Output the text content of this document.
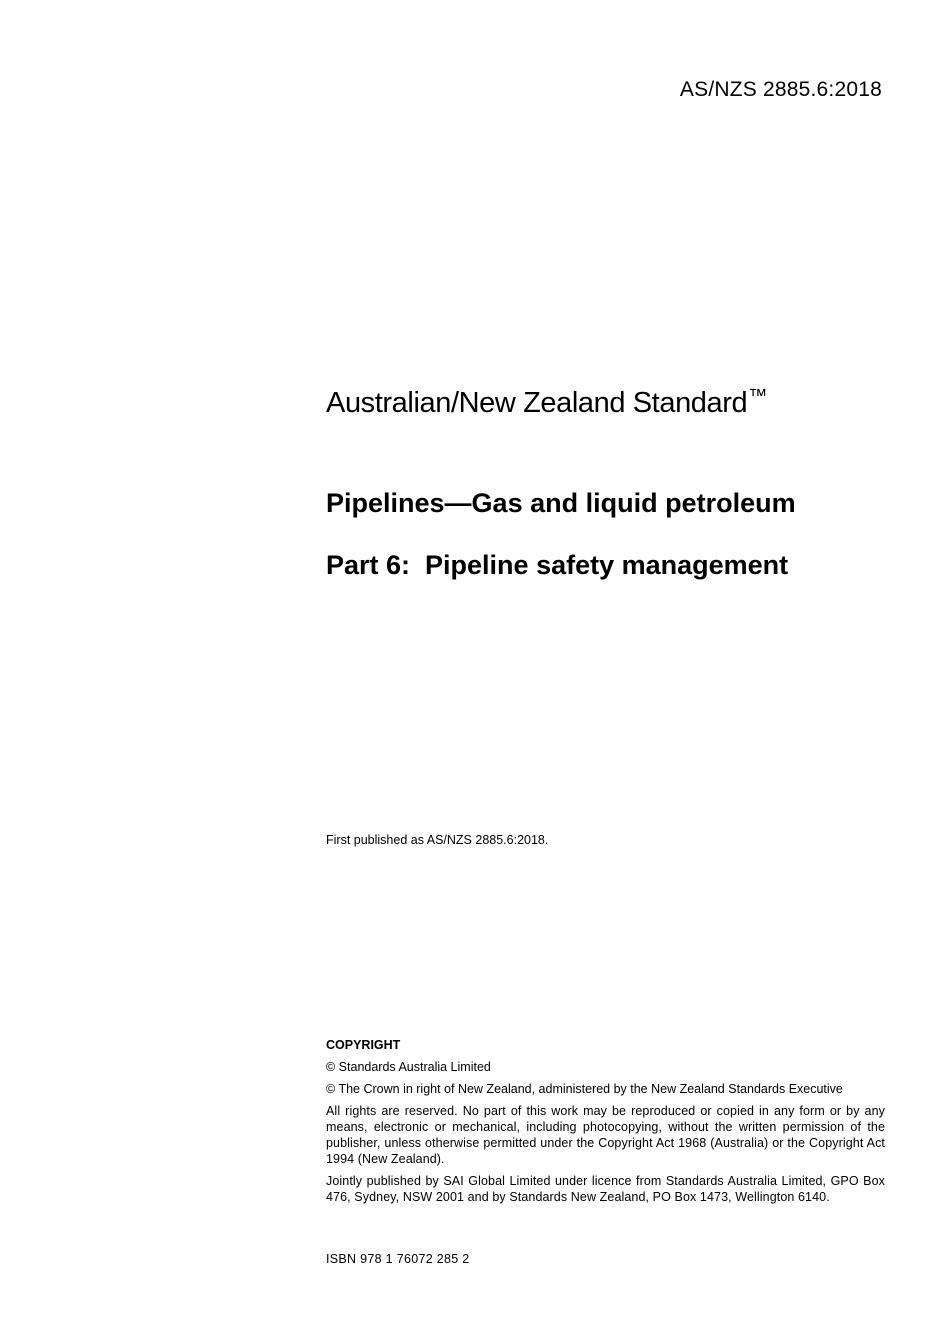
AS/NZS 2885.6:2018
Australian/New Zealand Standard™
Pipelines—Gas and liquid petroleum
Part 6:  Pipeline safety management
First published as AS/NZS 2885.6:2018.

COPYRIGHT

© Standards Australia Limited

© The Crown in right of New Zealand, administered by the New Zealand Standards Executive

All rights are reserved. No part of this work may be reproduced or copied in any form or by any means, electronic or mechanical, including photocopying, without the written permission of the publisher, unless otherwise permitted under the Copyright Act 1968 (Australia) or the Copyright Act 1994 (New Zealand).

Jointly published by SAI Global Limited under licence from Standards Australia Limited, GPO Box 476, Sydney, NSW 2001 and by Standards New Zealand, PO Box 1473, Wellington 6140.

ISBN 978 1 76072 285 2
